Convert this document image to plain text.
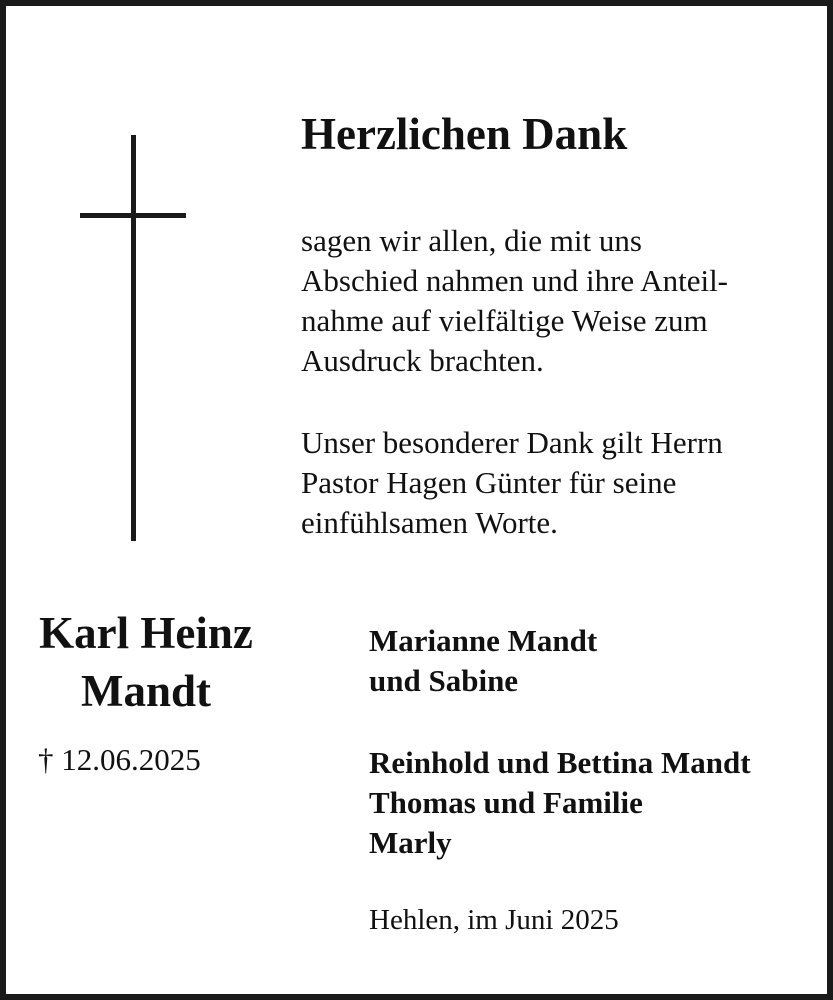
Herzlichen Dank
sagen wir allen, die mit uns
Abschied nahmen und ihre Anteil-
nahme auf vielfältige Weise zum
Ausdruck brachten.
Unser besonderer Dank gilt Herrn
Pastor Hagen Günter für seine
einfühlsamen Worte.
Karl Heinz
Mandt
† 12.06.2025
Marianne Mandt
und Sabine
Reinhold und Bettina Mandt
Thomas und Familie
Marly
Hehlen, im Juni 2025
